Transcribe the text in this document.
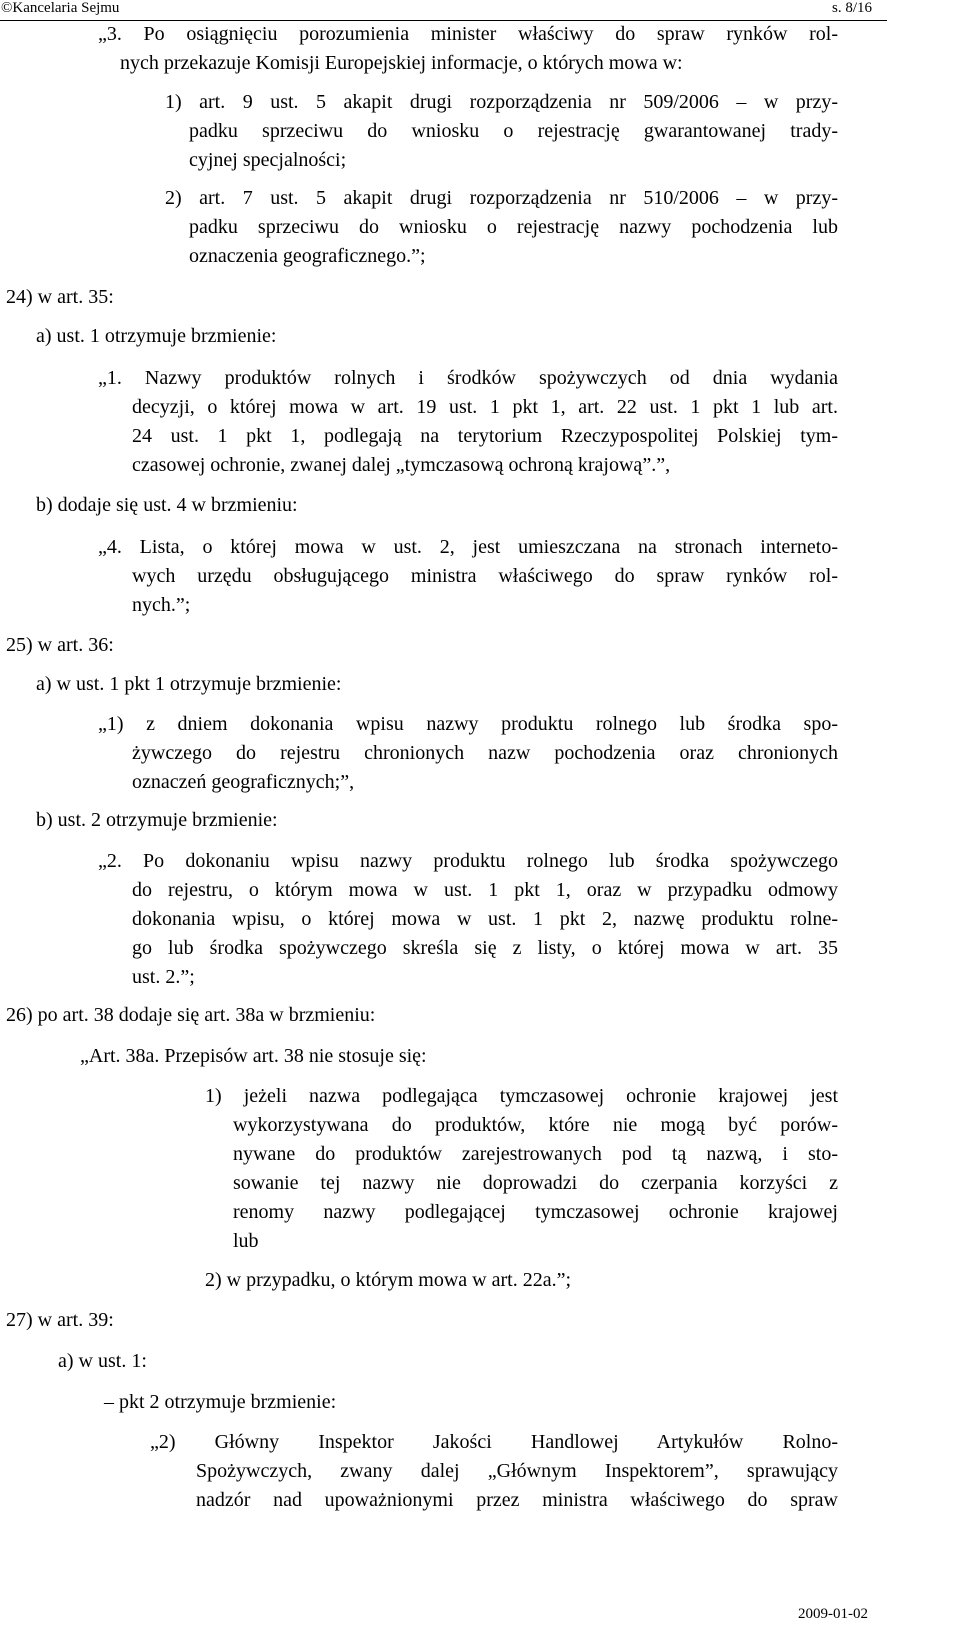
©Kancelaria Sejmu	s. 8/16
„3. Po osiągnięciu porozumienia minister właściwy do spraw rynków rol-
nych przekazuje Komisji Europejskiej informacje, o których mowa w:
1) art. 9 ust. 5 akapit drugi rozporządzenia nr 509/2006 – w przy-
padku sprzeciwu do wniosku o rejestrację gwarantowanej trady-
cyjnej specjalności;
2) art. 7 ust. 5 akapit drugi rozporządzenia nr 510/2006 – w przy-
padku sprzeciwu do wniosku o rejestrację nazwy pochodzenia lub
oznaczenia geograficznego.”;
24) w art. 35:
a) ust. 1 otrzymuje brzmienie:
„1. Nazwy produktów rolnych i środków spożywczych od dnia wydania
decyzji, o której mowa w art. 19 ust. 1 pkt 1, art. 22 ust. 1 pkt 1 lub art.
24 ust. 1 pkt 1, podlegają na terytorium Rzeczypospolitej Polskiej tym-
czasowej ochronie, zwanej dalej „tymczasową ochroną krajową”.”,
b) dodaje się ust. 4 w brzmieniu:
„4. Lista, o której mowa w ust. 2, jest umieszczana na stronach internetо-
wych urzędu obsługującego ministra właściwego do spraw rynków rol-
nych.”;
25) w art. 36:
a) w ust. 1 pkt 1 otrzymuje brzmienie:
„1) z dniem dokonania wpisu nazwy produktu rolnego lub środka spo-
żywczego do rejestru chronionych nazw pochodzenia oraz chronionych
oznaczeń geograficznych;”,
b) ust. 2 otrzymuje brzmienie:
„2. Po dokonaniu wpisu nazwy produktu rolnego lub środka spożywczego
do rejestru, o którym mowa w ust. 1 pkt 1, oraz w przypadku odmowy
dokonania wpisu, o której mowa w ust. 1 pkt 2, nazwę produktu rolne-
go lub środka spożywczego skreśla się z listy, o której mowa w art. 35
ust. 2.”;
26) po art. 38 dodaje się art. 38a w brzmieniu:
„Art. 38a. Przepisów art. 38 nie stosuje się:
1) jeżeli nazwa podlegająca tymczasowej ochronie krajowej jest
wykorzystywana do produktów, które nie mogą być porów-
nywane do produktów zarejestrowanych pod tą nazwą, i sto-
sowanie tej nazwy nie doprowadzi do czerpania korzyści z
renomy nazwy podlegającej tymczasowej ochronie krajowej
lub
2) w przypadku, o którym mowa w art. 22a.”;
27) w art. 39:
a) w ust. 1:
– pkt 2 otrzymuje brzmienie:
„2) Główny Inspektor Jakości Handlowej Artykułów Rolno-
Spożywczych, zwany dalej „Głównym Inspektorem”, sprawujący
nadzór nad upoważnionymi przez ministra właściwego do spraw
2009-01-02
